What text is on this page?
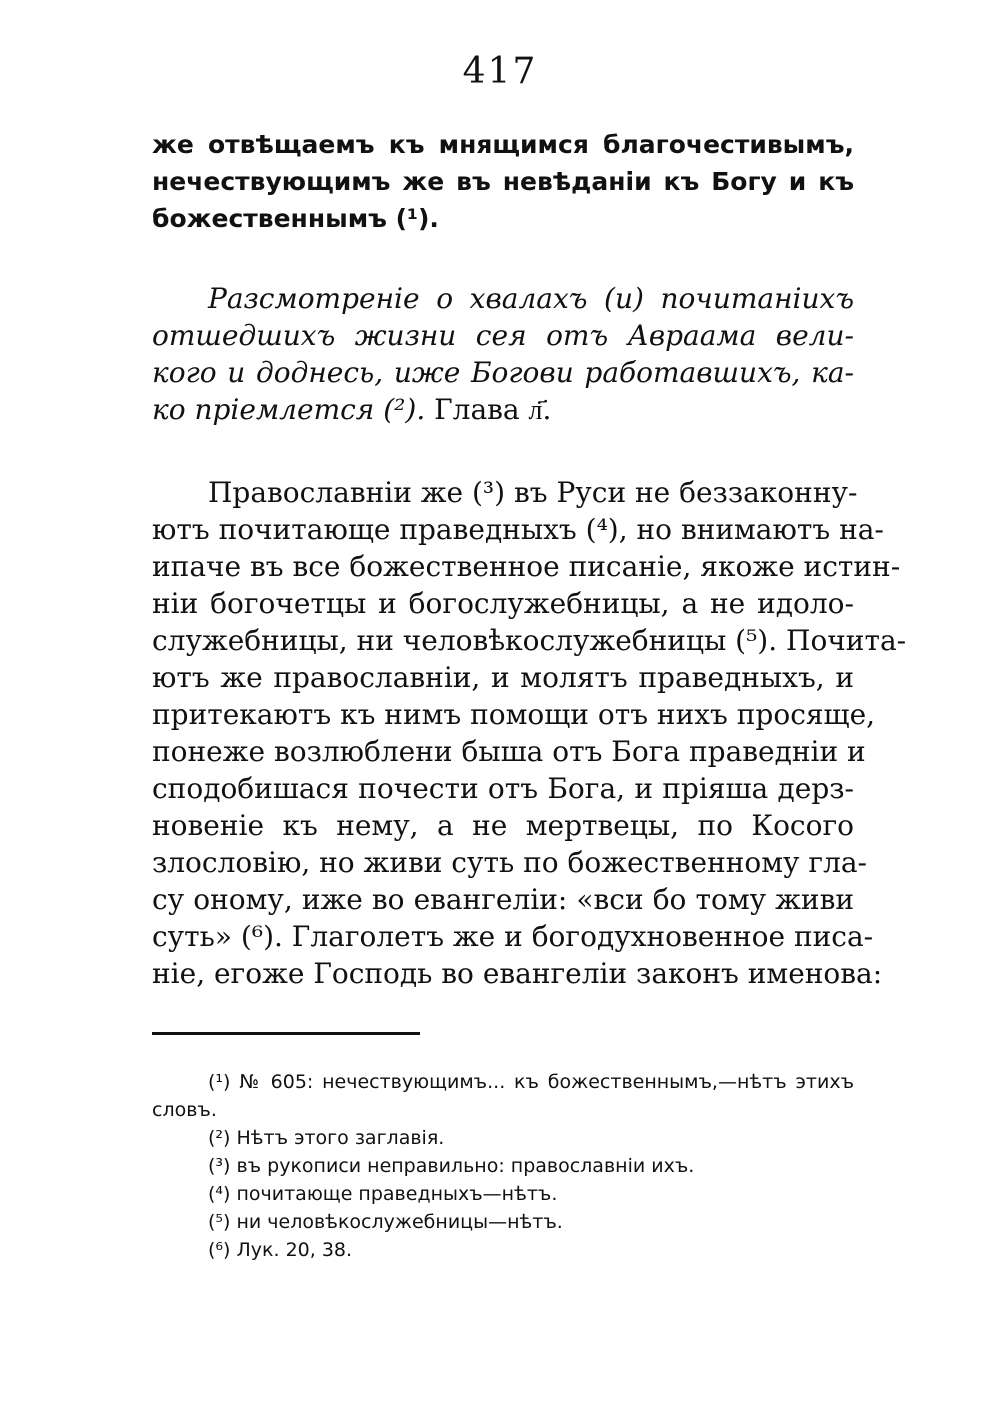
417
же отвѣщаемъ къ мнящимся благочестивымъ,
нечествующимъ же въ невѣданіи къ Богу и къ
божественнымъ (¹).
Разсмотреніе о хвалахъ (и) почитаніихъ
отшедшихъ жизни сея отъ Авраама вели-
кого и доднесь, иже Богови работавшихъ, ка-
ко пріемлется (²). Глава л҃.
Православніи же (³) въ Руси не беззаконну-
ютъ почитающе праведныхъ (⁴), но внимаютъ на-
ипаче въ все божественное писаніе, якоже истин-
ніи богочетцы и богослужебницы, а не идоло-
служебницы, ни человѣкослужебницы (⁵). Почита-
ютъ же православніи, и молятъ праведныхъ, и
притекаютъ къ нимъ помощи отъ нихъ просяще,
понеже возлюблени быша отъ Бога праведніи и
сподобишася почести отъ Бога, и пріяша дерз-
новеніе къ нему, а не мертвецы, по Косого
злословію, но живи суть по божественному гла-
су оному, иже во евангеліи: «вси бо тому живи
суть» (⁶). Глаголетъ же и богодухновенное писа-
ніе, егоже Господь во евангеліи законъ именова:
(¹) № 605: нечествующимъ... къ божественнымъ,—нѣтъ этихъ
словъ.
(²) Нѣтъ этого заглавія.
(³) въ рукописи неправильно: православніи ихъ.
(⁴) почитающе праведныхъ—нѣтъ.
(⁵) ни человѣкослужебницы—нѣтъ.
(⁶) Лук. 20, 38.
